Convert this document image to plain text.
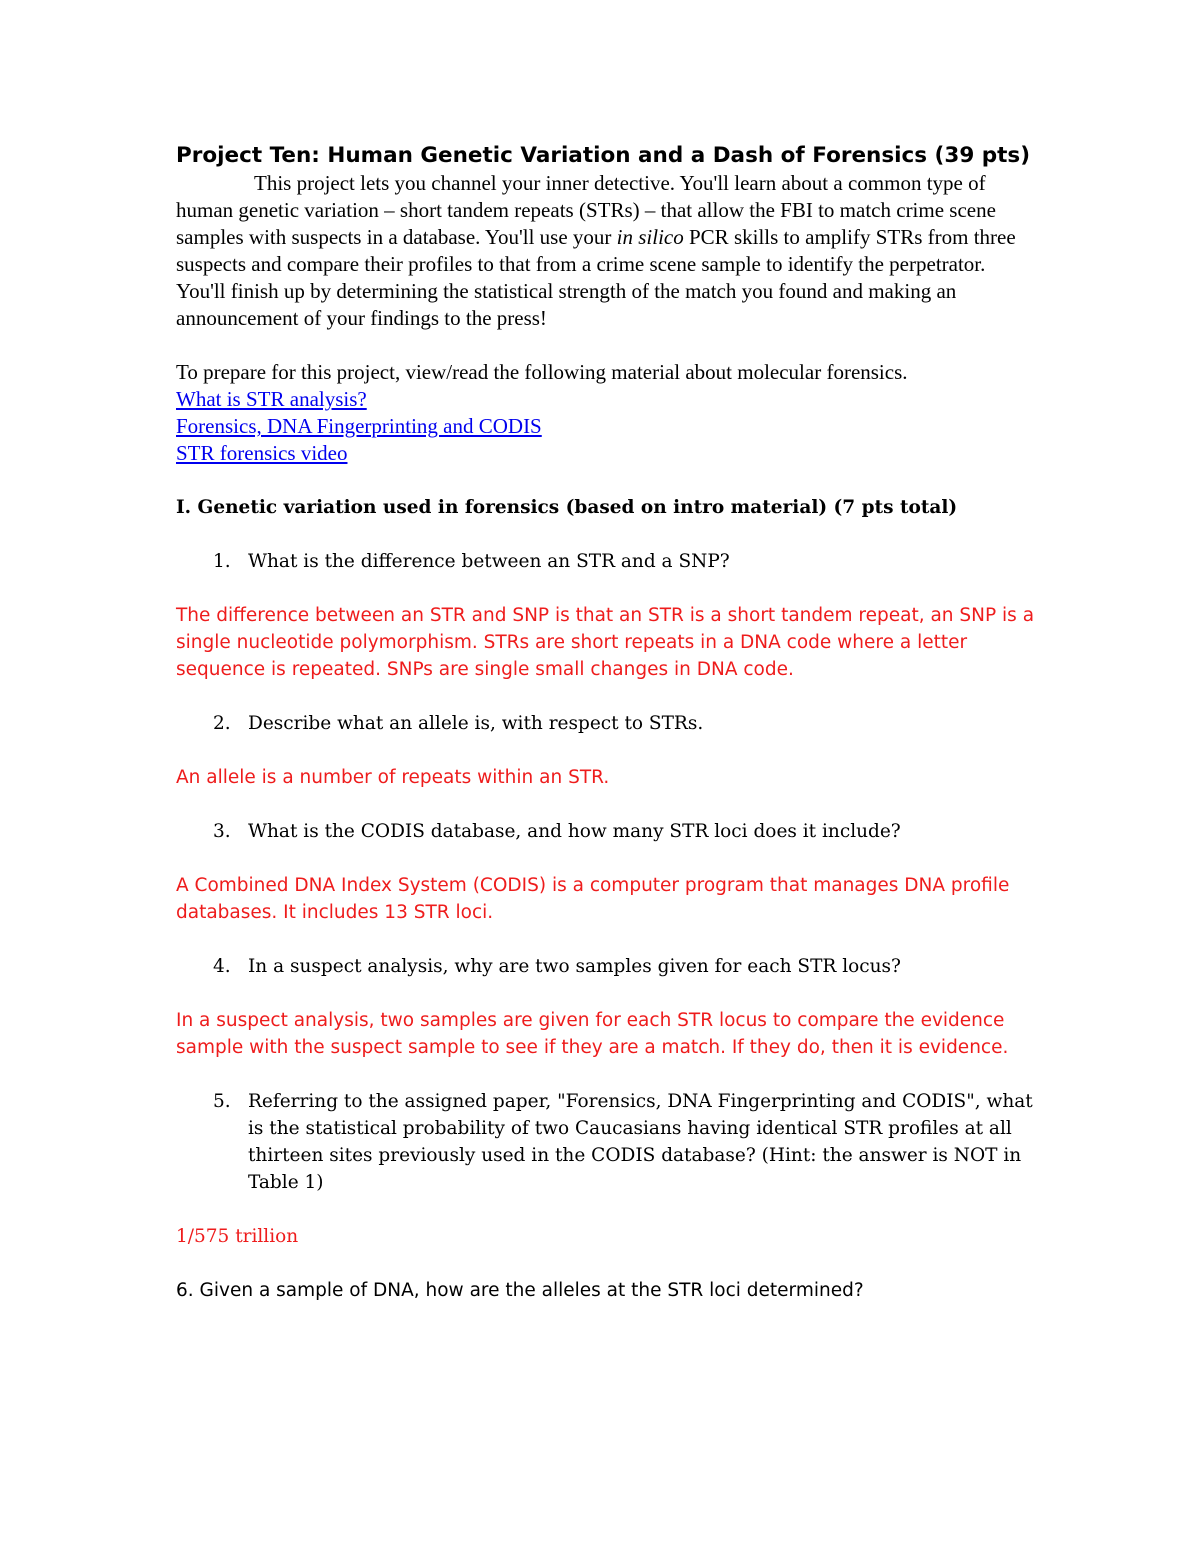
Project Ten: Human Genetic Variation and a Dash of Forensics (39 pts)

This project lets you channel your inner detective. You'll learn about a common type of human genetic variation – short tandem repeats (STRs) – that allow the FBI to match crime scene samples with suspects in a database. You'll use your in silico PCR skills to amplify STRs from three suspects and compare their profiles to that from a crime scene sample to identify the perpetrator. You'll finish up by determining the statistical strength of the match you found and making an announcement of your findings to the press!

To prepare for this project, view/read the following material about molecular forensics.

What is STR analysis?
Forensics, DNA Fingerprinting and CODIS
STR forensics video

I. Genetic variation used in forensics (based on intro material) (7 pts total)

1. What is the difference between an STR and a SNP?

The difference between an STR and SNP is that an STR is a short tandem repeat, an SNP is a single nucleotide polymorphism. STRs are short repeats in a DNA code where a letter sequence is repeated. SNPs are single small changes in DNA code.

2. Describe what an allele is, with respect to STRs.

An allele is a number of repeats within an STR.

3. What is the CODIS database, and how many STR loci does it include?

A Combined DNA Index System (CODIS) is a computer program that manages DNA profile databases. It includes 13 STR loci.

4. In a suspect analysis, why are two samples given for each STR locus?

In a suspect analysis, two samples are given for each STR locus to compare the evidence sample with the suspect sample to see if they are a match. If they do, then it is evidence.

5. Referring to the assigned paper, "Forensics, DNA Fingerprinting and CODIS", what is the statistical probability of two Caucasians having identical STR profiles at all thirteen sites previously used in the CODIS database? (Hint: the answer is NOT in Table 1)

1/575 trillion

6. Given a sample of DNA, how are the alleles at the STR loci determined?
